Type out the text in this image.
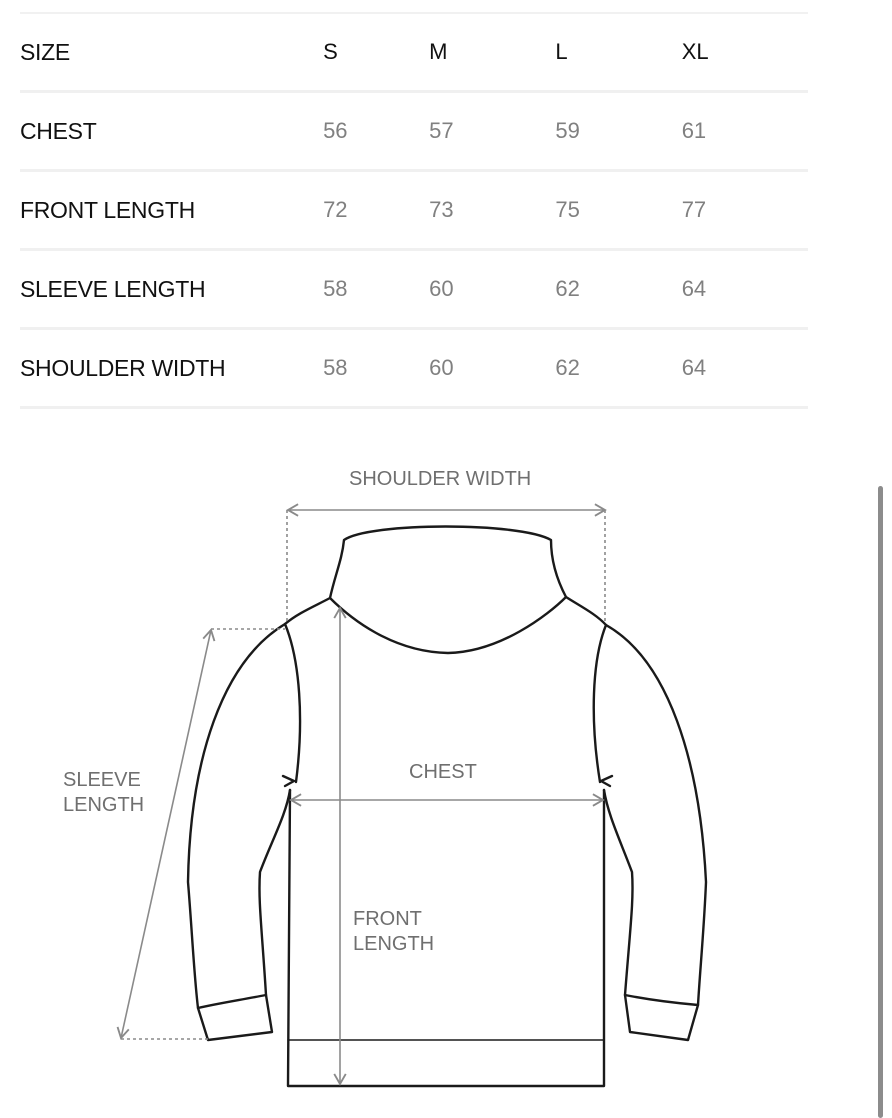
SIZE	S	M	L	XL
CHEST	56	57	59	61
FRONT LENGTH	72	73	75	77
SLEEVE LENGTH	58	60	62	64
SHOULDER WIDTH	58	60	62	64
SHOULDER WIDTH
CHEST
SLEEVE
LENGTH
FRONT
LENGTH
